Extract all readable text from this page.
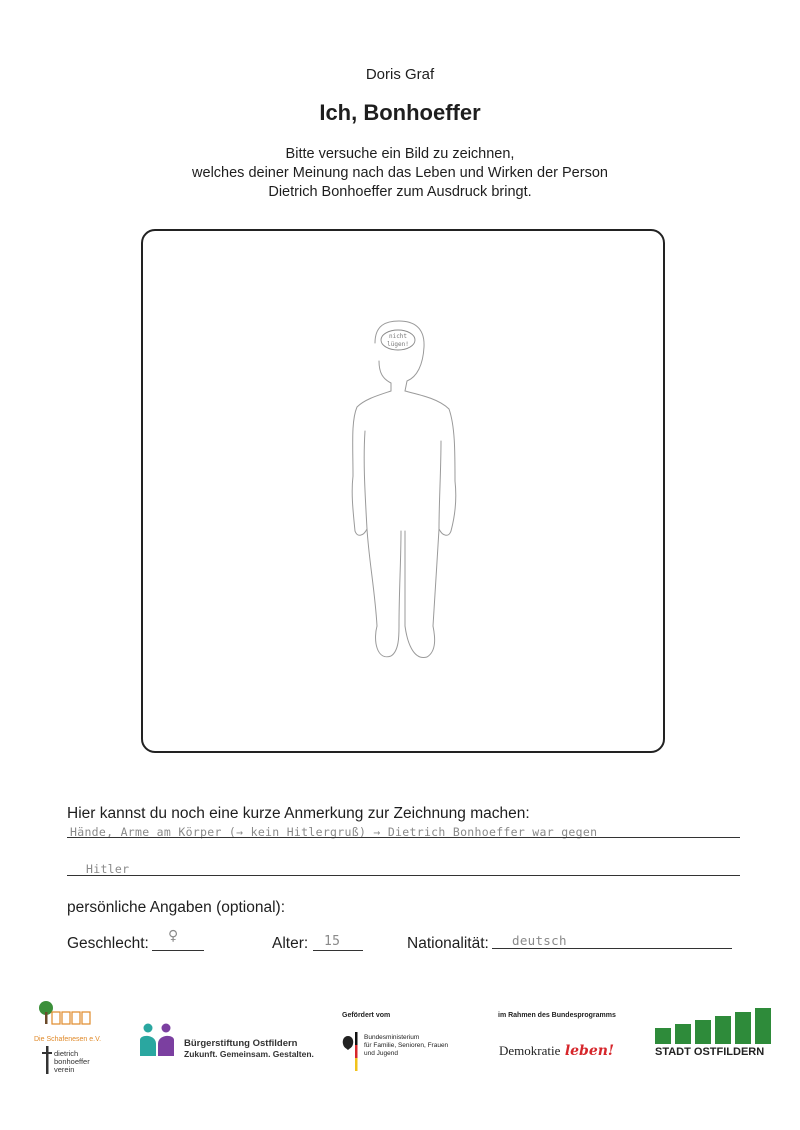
Doris Graf
Ich, Bonhoeffer
Bitte versuche ein Bild zu zeichnen,
welches deiner Meinung nach das Leben und Wirken der Person
Dietrich Bonhoeffer zum Ausdruck bringt.
nicht
lügen!
Hier kannst du noch eine kurze Anmerkung zur Zeichnung machen:
Hände, Arme am Körper (→ kein Hitlergruß) → Dietrich Bonhoeffer war gegen
Hitler
persönliche Angaben (optional):
Geschlecht: ♀	Alter: 15	Nationalität: deutsch
Die Schafenesen e.V.
dietrich
bonhoeffer
verein
Bürgerstiftung Ostfildern
Zukunft. Gemeinsam. Gestalten.
Gefördert vom
Bundesministerium
für Familie, Senioren, Frauen
und Jugend
im Rahmen des Bundesprogramms
Demokratie leben!	STADT OSTFILDERN
